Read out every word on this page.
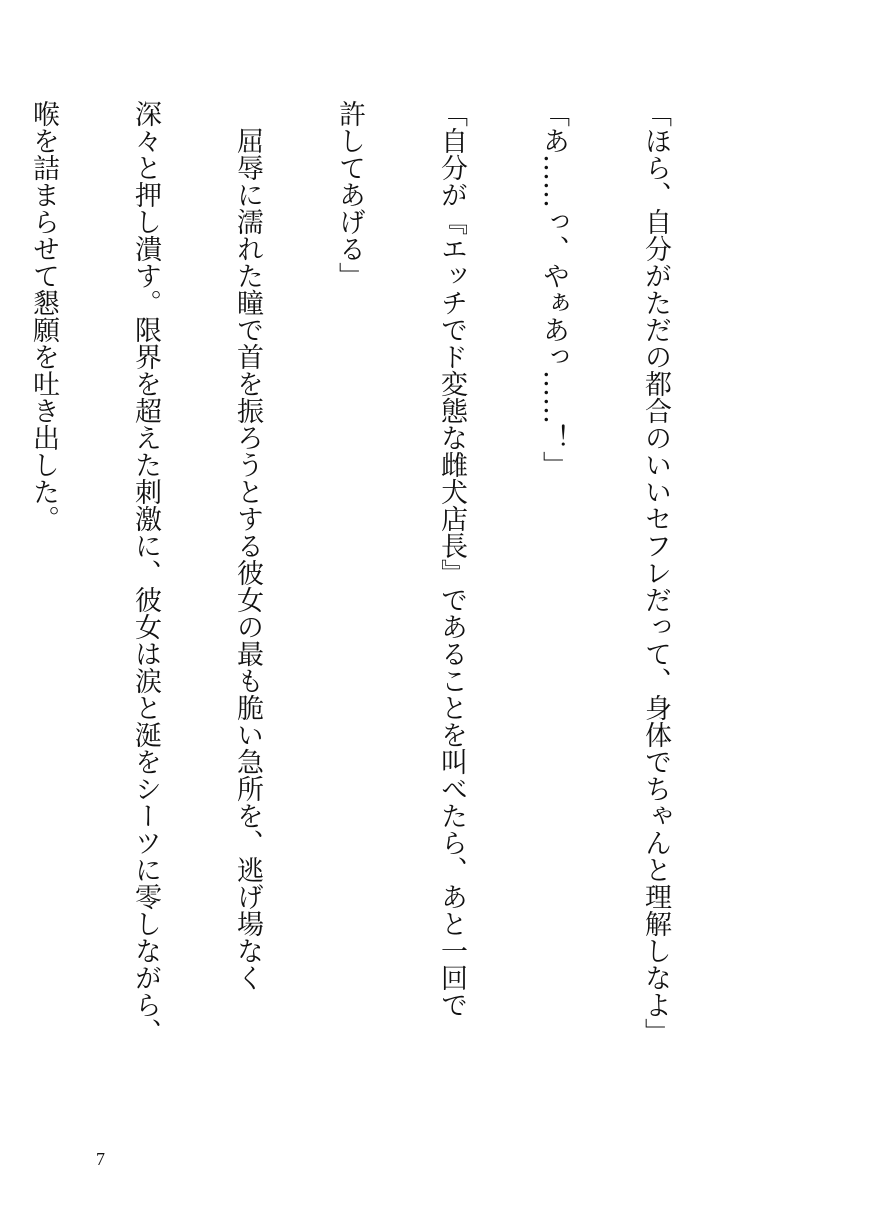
「ほら、自分がただの都合のいいセフレだって、身体でちゃんと理解しなよ」

「あ……っ、やぁあっ……！」

「自分が『エッチでド変態な雌犬店長』であることを叫べたら、あと一回で

許してあげる」

　屈辱に濡れた瞳で首を振ろうとする彼女の最も脆い急所を、逃げ場なく

深々と押し潰す。限界を超えた刺激に、彼女は涙と涎をシーツに零しながら、

喉を詰まらせて懇願を吐き出した。

7
